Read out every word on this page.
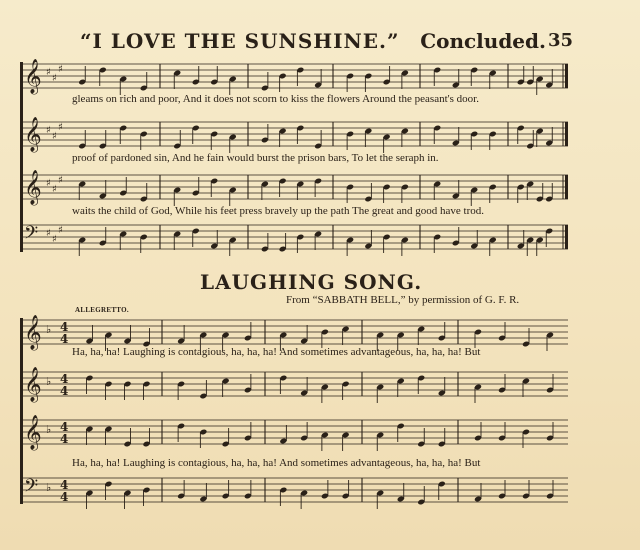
“I LOVE THE SUNSHINE.” Concluded. 35
𝄞 ♯
♯
♯
𝄞 ♯
♯
♯
𝄞 ♯
♯
♯
𝄢 ♯
♯
♯
𝄞 ♭ 4
4
𝄞 ♭ 4
4
𝄞 ♭ 4
4
𝄢 ♭ 4
4
gleams on rich and poor, And it does not scorn to kiss the flowers Around the peasant's door.
proof of pardoned sin, And he fain would burst the prison bars, To let the seraph in.
waits the child of God, While his feet press bravely up the path The great and good have trod.
LAUGHING SONG.
From “SABBATH BELL,” by permission of G. F. R.
ALLEGRETTO.
Ha, ha, ha! Laughing is contagious, ha, ha, ha! And sometimes advantageous, ha, ha, ha! But
Ha, ha, ha! Laughing is contagious, ha, ha, ha! And sometimes advantageous, ha, ha, ha! But
